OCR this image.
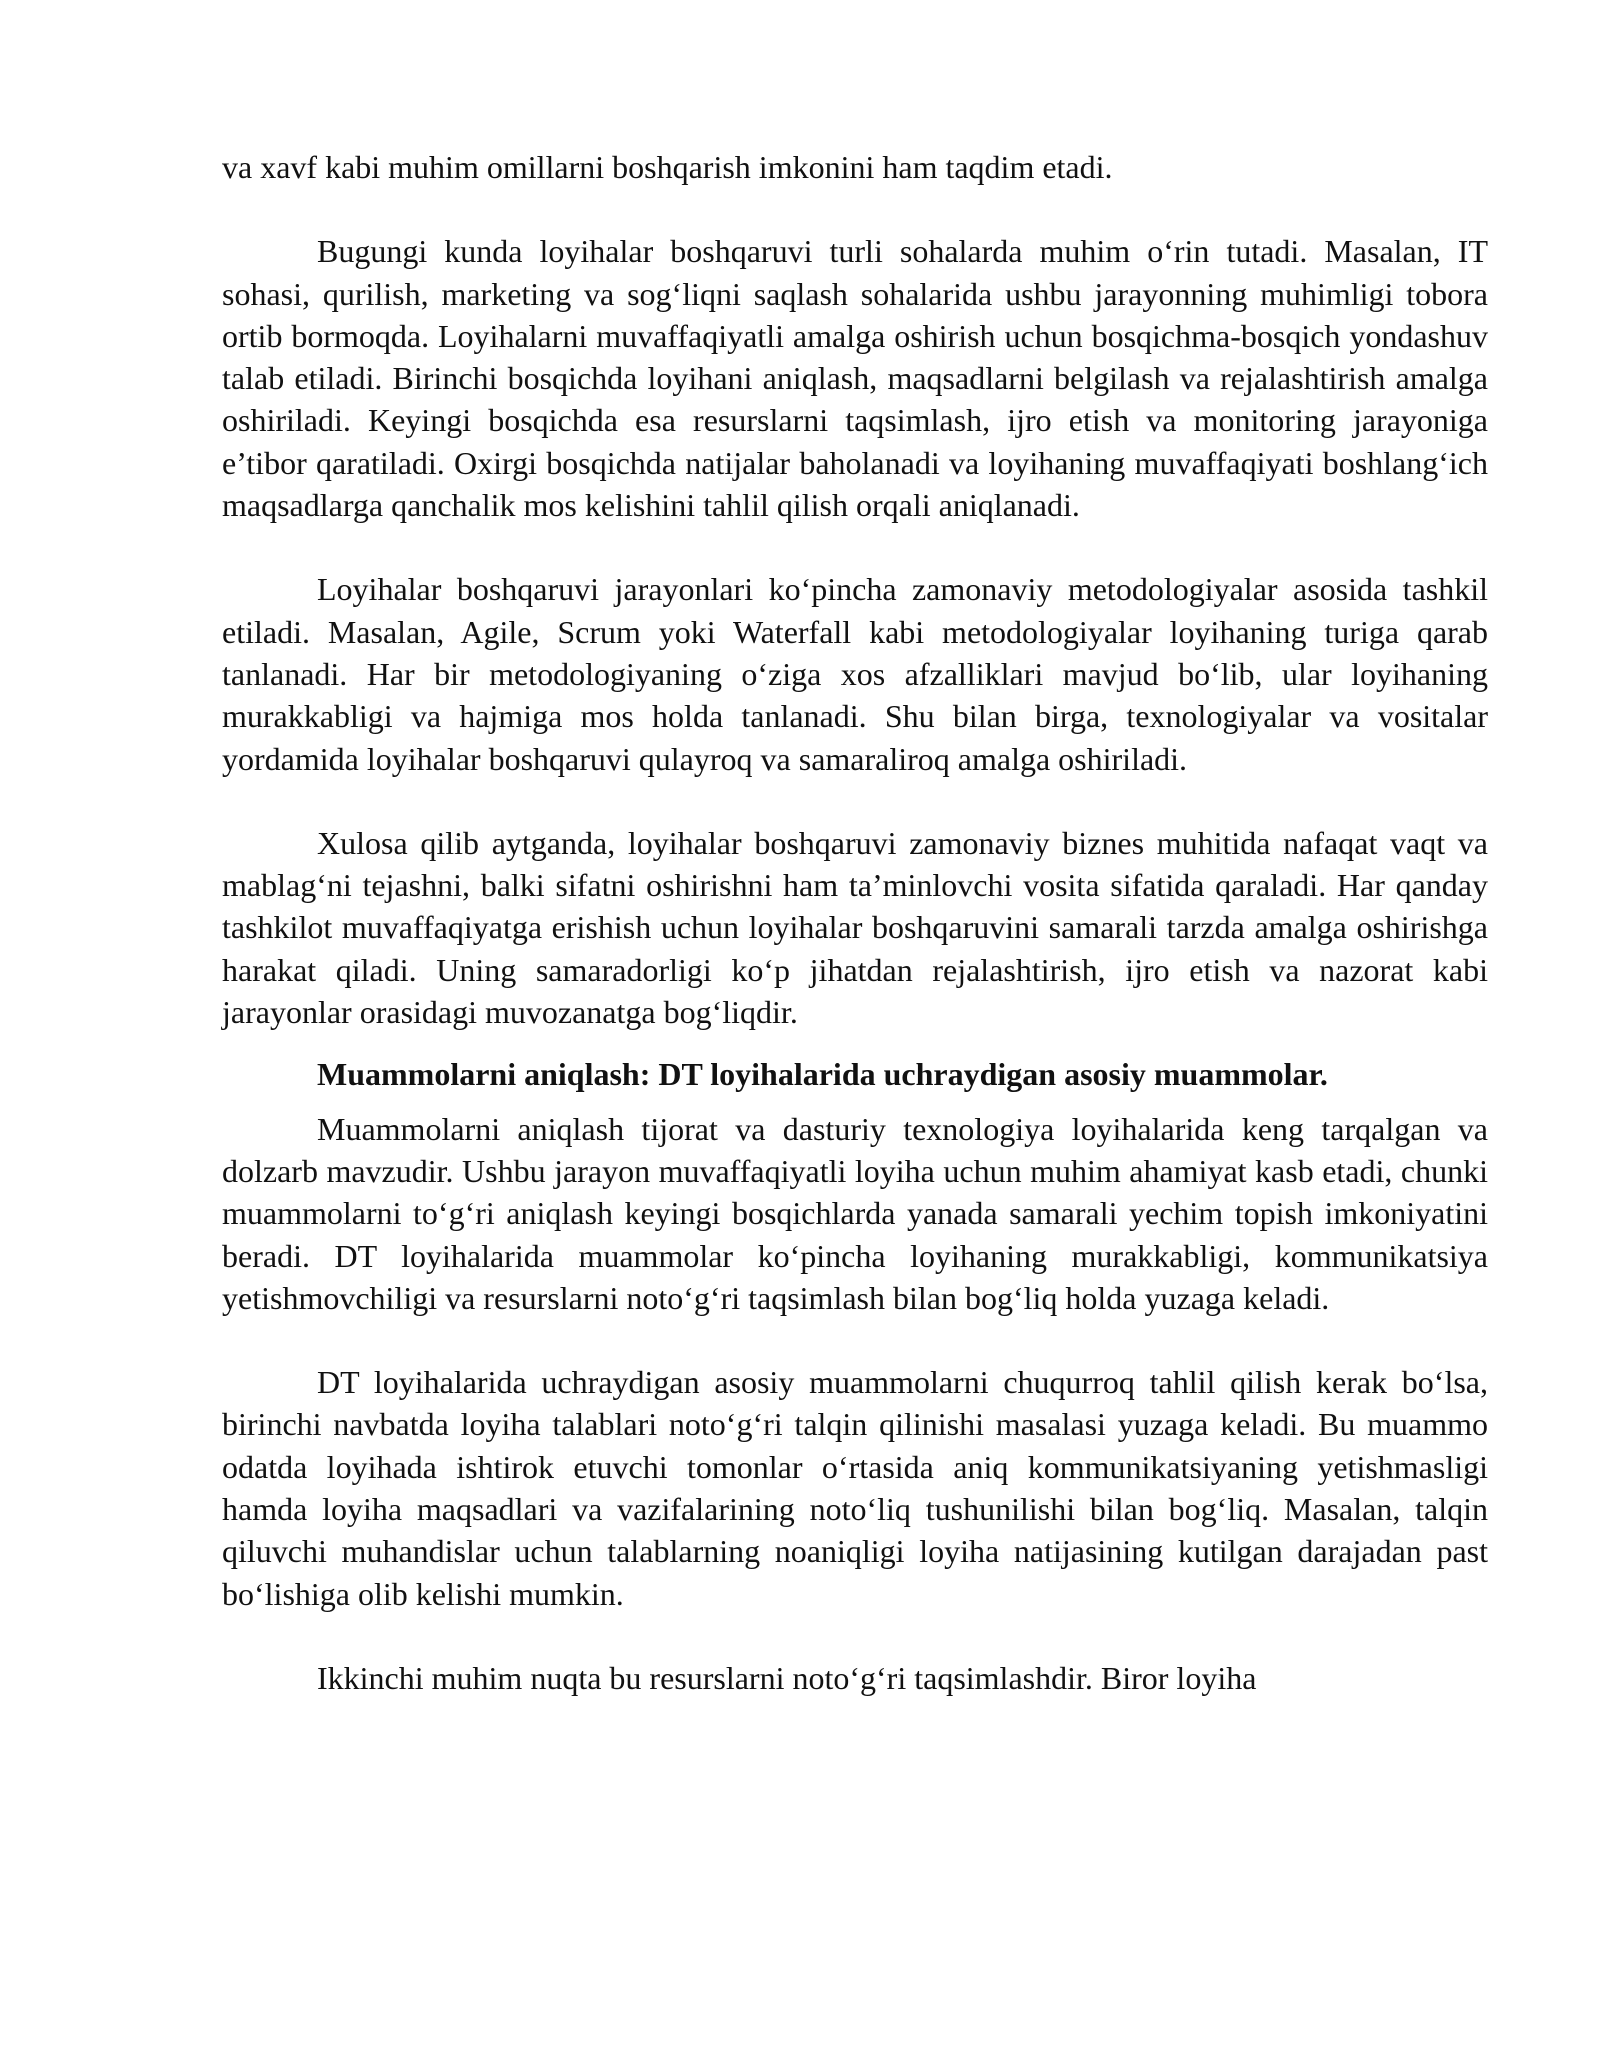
va xavf kabi muhim omillarni boshqarish imkonini ham taqdim etadi.

Bugungi kunda loyihalar boshqaruvi turli sohalarda muhim o‘rin tutadi. Masalan, IT sohasi, qurilish, marketing va sog‘liqni saqlash sohalarida ushbu jarayonning muhimligi tobora ortib bormoqda. Loyihalarni muvaffaqiyatli amalga oshirish uchun bosqichma-bosqich yondashuv talab etiladi. Birinchi bosqichda loyihani aniqlash, maqsadlarni belgilash va rejalashtirish amalga oshiriladi. Keyingi bosqichda esa resurslarni taqsimlash, ijro etish va monitoring jarayoniga e’tibor qaratiladi. Oxirgi bosqichda natijalar baholanadi va loyihaning muvaffaqiyati boshlang‘ich maqsadlarga qanchalik mos kelishini tahlil qilish orqali aniqlanadi.

Loyihalar boshqaruvi jarayonlari ko‘pincha zamonaviy metodologiyalar asosida tashkil etiladi. Masalan, Agile, Scrum yoki Waterfall kabi metodologiyalar loyihaning turiga qarab tanlanadi. Har bir metodologiyaning o‘ziga xos afzalliklari mavjud bo‘lib, ular loyihaning murakkabligi va hajmiga mos holda tanlanadi. Shu bilan birga, texnologiyalar va vositalar yordamida loyihalar boshqaruvi qulayroq va samaraliroq amalga oshiriladi.

Xulosa qilib aytganda, loyihalar boshqaruvi zamonaviy biznes muhitida nafaqat vaqt va mablag‘ni tejashni, balki sifatni oshirishni ham ta’minlovchi vosita sifatida qaraladi. Har qanday tashkilot muvaffaqiyatga erishish uchun loyihalar boshqaruvini samarali tarzda amalga oshirishga harakat qiladi. Uning samaradorligi ko‘p jihatdan rejalashtirish, ijro etish va nazorat kabi jarayonlar orasidagi muvozanatga bog‘liqdir.

Muammolarni aniqlash: DT loyihalarida uchraydigan asosiy muammolar.

Muammolarni aniqlash tijorat va dasturiy texnologiya loyihalarida keng tarqalgan va dolzarb mavzudir. Ushbu jarayon muvaffaqiyatli loyiha uchun muhim ahamiyat kasb etadi, chunki muammolarni to‘g‘ri aniqlash keyingi bosqichlarda yanada samarali yechim topish imkoniyatini beradi. DT loyihalarida muammolar ko‘pincha loyihaning murakkabligi, kommunikatsiya yetishmovchiligi va resurslarni noto‘g‘ri taqsimlash bilan bog‘liq holda yuzaga keladi.

DT loyihalarida uchraydigan asosiy muammolarni chuqurroq tahlil qilish kerak bo‘lsa, birinchi navbatda loyiha talablari noto‘g‘ri talqin qilinishi masalasi yuzaga keladi. Bu muammo odatda loyihada ishtirok etuvchi tomonlar o‘rtasida aniq kommunikatsiyaning yetishmasligi hamda loyiha maqsadlari va vazifalarining noto‘liq tushunilishi bilan bog‘liq. Masalan, talqin qiluvchi muhandislar uchun talablarning noaniqligi loyiha natijasining kutilgan darajadan past bo‘lishiga olib kelishi mumkin.

Ikkinchi muhim nuqta bu resurslarni noto‘g‘ri taqsimlashdir. Biror loyiha
